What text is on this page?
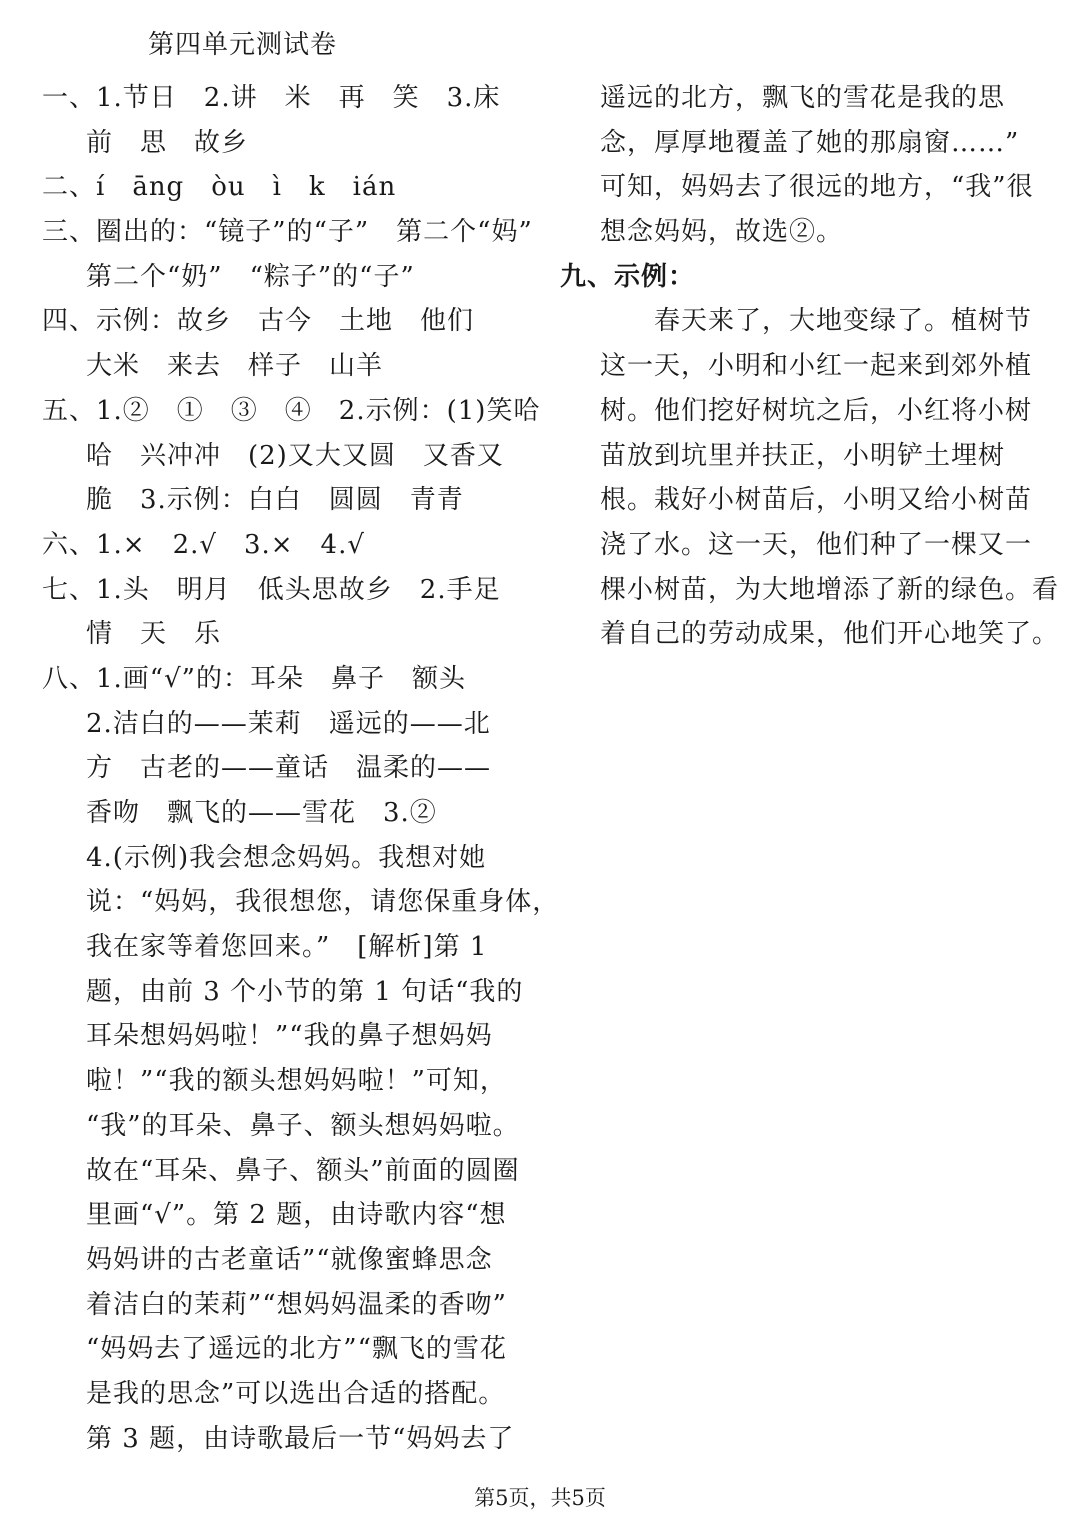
第四单元测试卷
一、1.节日　2.讲　米　再　笑　3.床
前　思　故乡
二、í　āng　òu　ì　k　ián
三、圈出的：“镜子”的“子”　第二个“妈”
第二个“奶”　“粽子”的“子”
四、示例：故乡　古今　土地　他们
大米　来去　样子　山羊
五、1.②　①　③　④　2.示例：(1)笑哈
哈　兴冲冲　(2)又大又圆　又香又
脆　3.示例：白白　圆圆　青青
六、1.×　2.√　3.×　4.√
七、1.头　明月　低头思故乡　2.手足
情　天　乐
八、1.画“√”的：耳朵　鼻子　额头
2.洁白的——茉莉　遥远的——北
方　古老的——童话　温柔的——
香吻　飘飞的——雪花　3.②
4.(示例)我会想念妈妈。我想对她
说：“妈妈，我很想您，请您保重身体，
我在家等着您回来。”　[解析]第 1
题，由前 3 个小节的第 1 句话“我的
耳朵想妈妈啦！”“我的鼻子想妈妈
啦！”“我的额头想妈妈啦！”可知，
“我”的耳朵、鼻子、额头想妈妈啦。
故在“耳朵、鼻子、额头”前面的圆圈
里画“√”。第 2 题，由诗歌内容“想
妈妈讲的古老童话”“就像蜜蜂思念
着洁白的茉莉”“想妈妈温柔的香吻”
“妈妈去了遥远的北方”“飘飞的雪花
是我的思念”可以选出合适的搭配。
第 3 题，由诗歌最后一节“妈妈去了
遥远的北方，飘飞的雪花是我的思
念，厚厚地覆盖了她的那扇窗……”
可知，妈妈去了很远的地方，“我”很
想念妈妈，故选②。
九、示例：
春天来了，大地变绿了。植树节
这一天，小明和小红一起来到郊外植
树。他们挖好树坑之后，小红将小树
苗放到坑里并扶正，小明铲土埋树
根。栽好小树苗后，小明又给小树苗
浇了水。这一天，他们种了一棵又一
棵小树苗，为大地增添了新的绿色。看
着自己的劳动成果，他们开心地笑了。
第5页，共5页
